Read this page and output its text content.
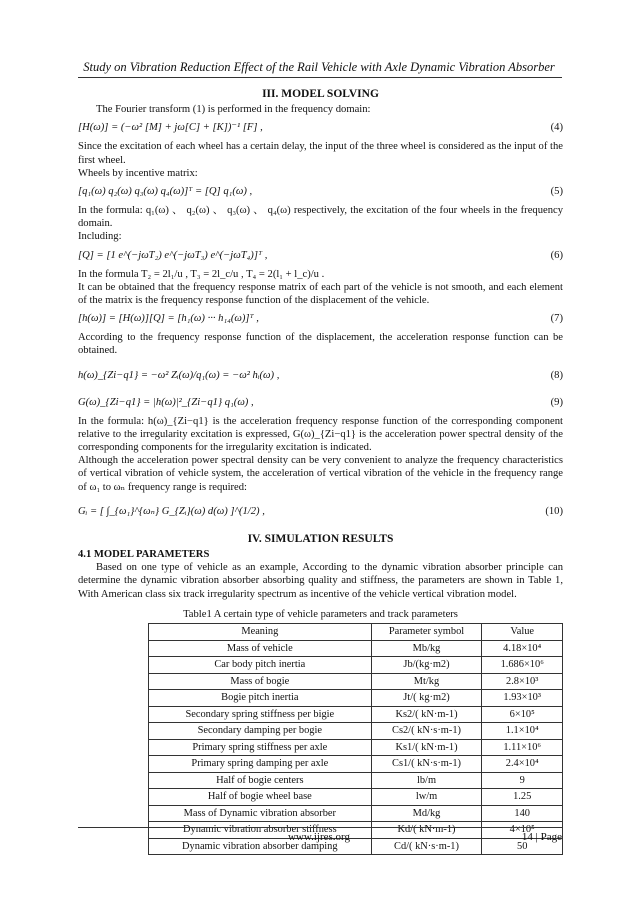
Study on Vibration Reduction Effect of the Rail Vehicle with Axle Dynamic Vibration Absorber
III. MODEL SOLVING

The Fourier transform (1) is performed in the frequency domain:

[H(ω)] = (−ω² [M] + jω[C] + [K])⁻¹ [F] ,	(4)

Since the excitation of each wheel has a certain delay, the input of the three wheel is considered as the input of the first wheel.

Wheels by incentive matrix:

[q₁(ω) q₂(ω) q₃(ω) q₄(ω)]ᵀ = [Q] q₁(ω) ,	(5)

In the formula: q₁(ω) 、 q₂(ω) 、 q₃(ω) 、 q₄(ω) respectively, the excitation of the four wheels in the frequency domain.

Including:

[Q] = [1 e^(−jωT₂) e^(−jωT₃) e^(−jωT₄)]ᵀ ,	(6)

In the formula T₂ = 2l₁/u , T₃ = 2l_c/u , T₄ = 2(l₁ + l_c)/u .

It can be obtained that the frequency response matrix of each part of the vehicle is not smooth, and each element of the matrix is the frequency response function of the displacement of the vehicle.

[h(ω)] = [H(ω)][Q] = [h₁(ω) ··· h₁₄(ω)]ᵀ ,	(7)

According to the frequency response function of the displacement, the acceleration response function can be obtained.

h(ω)_{Zi−q1} = −ω² Zᵢ(ω)/q₁(ω) = −ω² hᵢ(ω) ,	(8)
G(ω)_{Zi−q1} = |h(ω)|²_{Zi−q1} q₁(ω) ,	(9)

In the formula: h(ω)_{Zi−q1} is the acceleration frequency response function of the corresponding component relative to the irregularity excitation is expressed, G(ω)_{Zi−q1} is the acceleration power spectral density of the corresponding components for the irregularity excitation is indicated.

Although the acceleration power spectral density can be very convenient to analyze the frequency characteristics of vertical vibration of vehicle system, the acceleration of vertical vibration of the vehicle in the frequency range of ω₁ to ωₙ frequency range is required:

Gᵢ = [ ∫_{ω₁}^{ωₙ} G_{Zᵢ}(ω) d(ω) ]^(1/2) ,	(10)
IV. SIMULATION RESULTS
4.1 MODEL PARAMETERS

Based on one type of vehicle as an example, According to the dynamic vibration absorber principle can determine the dynamic vibration absorber absorbing quality and stiffness, the parameters are shown in Table 1, With American class six track irregularity spectrum as incentive of the vehicle vertical vibration model.

Table1 A certain type of vehicle parameters and track parameters
Meaning	Parameter symbol	Value
Mass of vehicle	Mb/kg	4.18×10⁴
Car body pitch inertia	Jb/(kg·m2)	1.686×10⁶
Mass of bogie	Mt/kg	2.8×10³
Bogie pitch inertia	Jt/( kg·m2)	1.93×10³
Secondary spring stiffness per bigie	Ks2/( kN·m-1)	6×10⁵
Secondary damping per bogie	Cs2/( kN·s·m-1)	1.1×10⁴
Primary spring stiffness per axle	Ks1/( kN·m-1)	1.11×10⁶
Primary spring damping per axle	Cs1/( kN·s·m-1)	2.4×10⁴
Half of bogie centers	lb/m	9
Half of bogie wheel base	lw/m	1.25
Mass of Dynamic vibration absorber	Md/kg	140
Dynamic vibration absorber stiffness	Kd/( kN·m-1)	4×10⁵
Dynamic vibration absorber damping	Cd/( kN·s·m-1)	50
www.ijres.org	14 | Page
